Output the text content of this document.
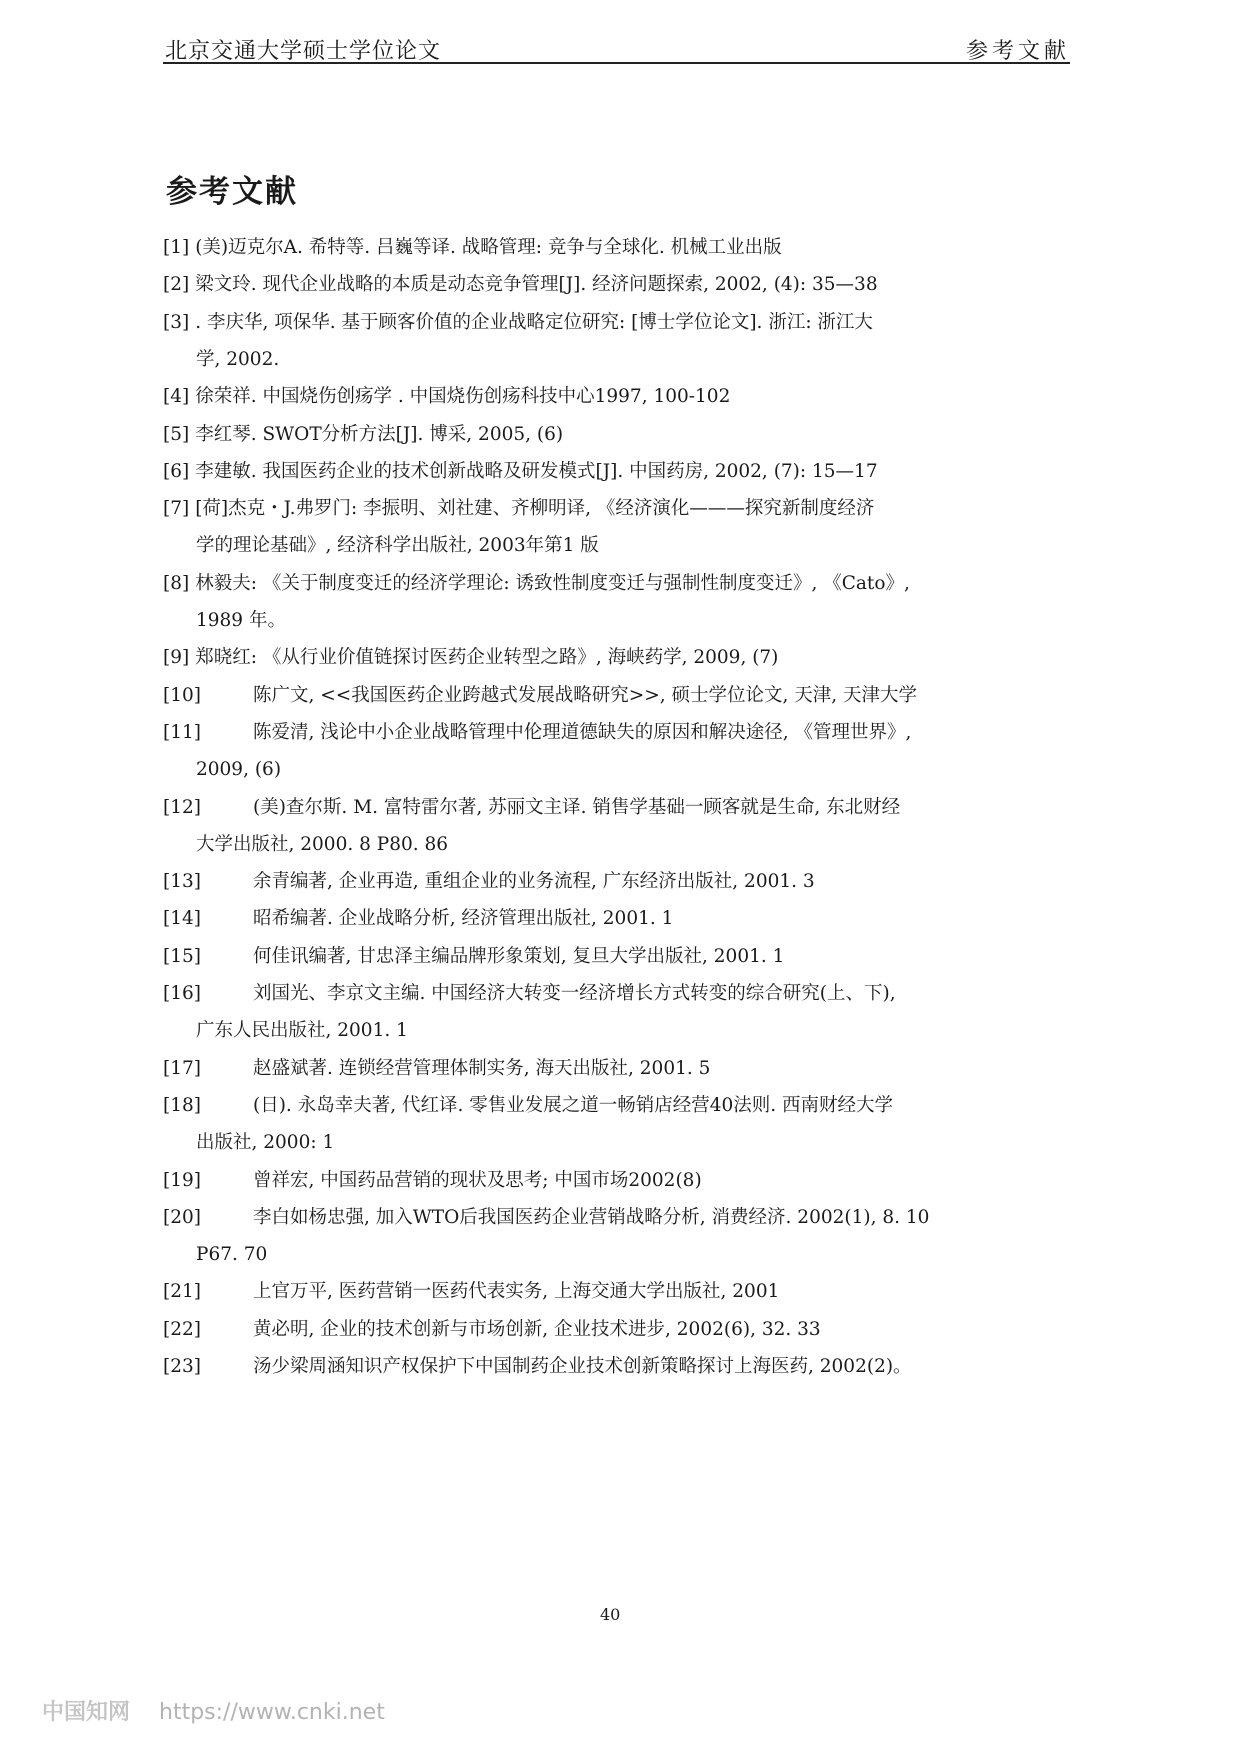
北京交通大学硕士学位论文	参考文献
参考文献
[1] (美)迈克尔A. 希特等. 吕巍等译. 战略管理: 竞争与全球化. 机械工业出版
[2] 梁文玲. 现代企业战略的本质是动态竞争管理[J]. 经济问题探索, 2002, (4): 35—38
[3] . 李庆华, 项保华. 基于顾客价值的企业战略定位研究: [博士学位论文]. 浙江: 浙江大
学, 2002.
[4] 徐荣祥. 中国烧伤创疡学 . 中国烧伤创疡科技中心1997, 100-102
[5] 李红琴. SWOT分析方法[J]. 博采, 2005, (6)
[6] 李建敏. 我国医药企业的技术创新战略及研发模式[J]. 中国药房, 2002, (7): 15—17
[7] [荷]杰克・J.弗罗门: 李振明、刘社建、齐柳明译, 《经济演化———探究新制度经济
学的理论基础》, 经济科学出版社, 2003年第1 版
[8] 林毅夫: 《关于制度变迁的经济学理论: 诱致性制度变迁与强制性制度变迁》, 《Cato》,
1989 年。
[9] 郑晓红: 《从行业价值链探讨医药企业转型之路》, 海峡药学, 2009, (7)
[10]	陈广文, <<我国医药企业跨越式发展战略研究>>, 硕士学位论文, 天津, 天津大学
[11]	陈爱清, 浅论中小企业战略管理中伦理道德缺失的原因和解决途径, 《管理世界》,
2009, (6)
[12]	(美)查尔斯. M. 富特雷尔著, 苏丽文主译. 销售学基础一顾客就是生命, 东北财经
大学出版社, 2000. 8 P80. 86
[13]	余青编著, 企业再造, 重组企业的业务流程, 广东经济出版社, 2001. 3
[14]	昭希编著. 企业战略分析, 经济管理出版社, 2001. 1
[15]	何佳讯编著, 甘忠泽主编品牌形象策划, 复旦大学出版社, 2001. 1
[16]	刘国光、李京文主编. 中国经济大转变一经济增长方式转变的综合研究(上、下),
广东人民出版社, 2001. 1
[17]	赵盛斌著. 连锁经营管理体制实务, 海天出版社, 2001. 5
[18]	(日). 永岛幸夫著, 代红译. 零售业发展之道一畅销店经营40法则. 西南财经大学
出版社, 2000: 1
[19]	曾祥宏, 中国药品营销的现状及思考; 中国市场2002(8)
[20]	李白如杨忠强, 加入WTO后我国医药企业营销战略分析, 消费经济. 2002(1), 8. 10
P67. 70
[21]	上官万平, 医药营销一医药代表实务, 上海交通大学出版社, 2001
[22]	黄必明, 企业的技术创新与市场创新, 企业技术进步, 2002(6), 32. 33
[23]	汤少梁周涵知识产权保护下中国制药企业技术创新策略探讨上海医药, 2002(2)。
40
中国知网 https://www.cnki.net
